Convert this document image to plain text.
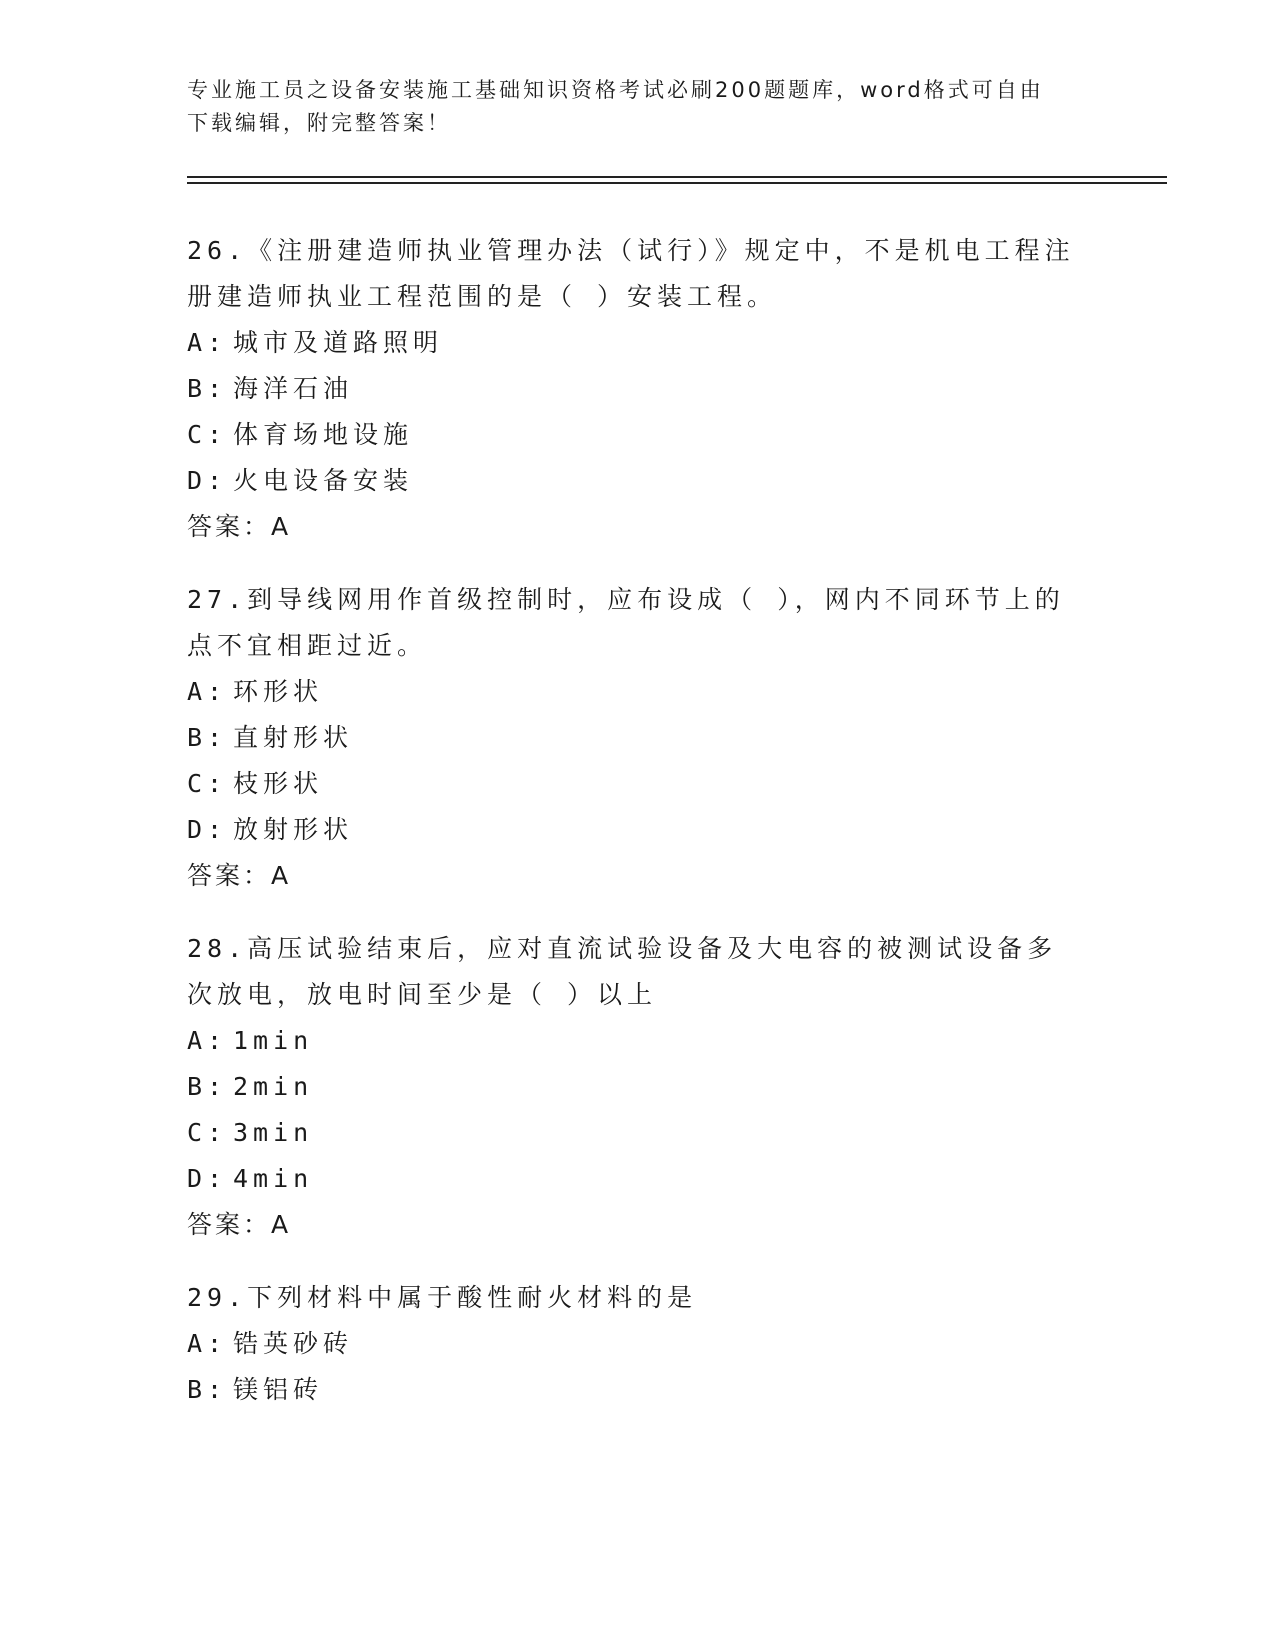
专业施工员之设备安装施工基础知识资格考试必刷200题题库，word格式可自由下载编辑，附完整答案！

26.《注册建造师执业管理办法（试行）》规定中，不是机电工程注册建造师执业工程范围的是（ ）安装工程。

A: 城市及道路照明
B: 海洋石油
C: 体育场地设施
D: 火电设备安装
答案： A

27.到导线网用作首级控制时，应布设成（ ），网内不同环节上的点不宜相距过近。

A: 环形状
B: 直射形状
C: 枝形状
D: 放射形状
答案： A

28.高压试验结束后，应对直流试验设备及大电容的被测试设备多次放电，放电时间至少是（ ）以上

A: 1min
B: 2min
C: 3min
D: 4min
答案： A

29.下列材料中属于酸性耐火材料的是

A: 锆英砂砖
B: 镁铝砖
